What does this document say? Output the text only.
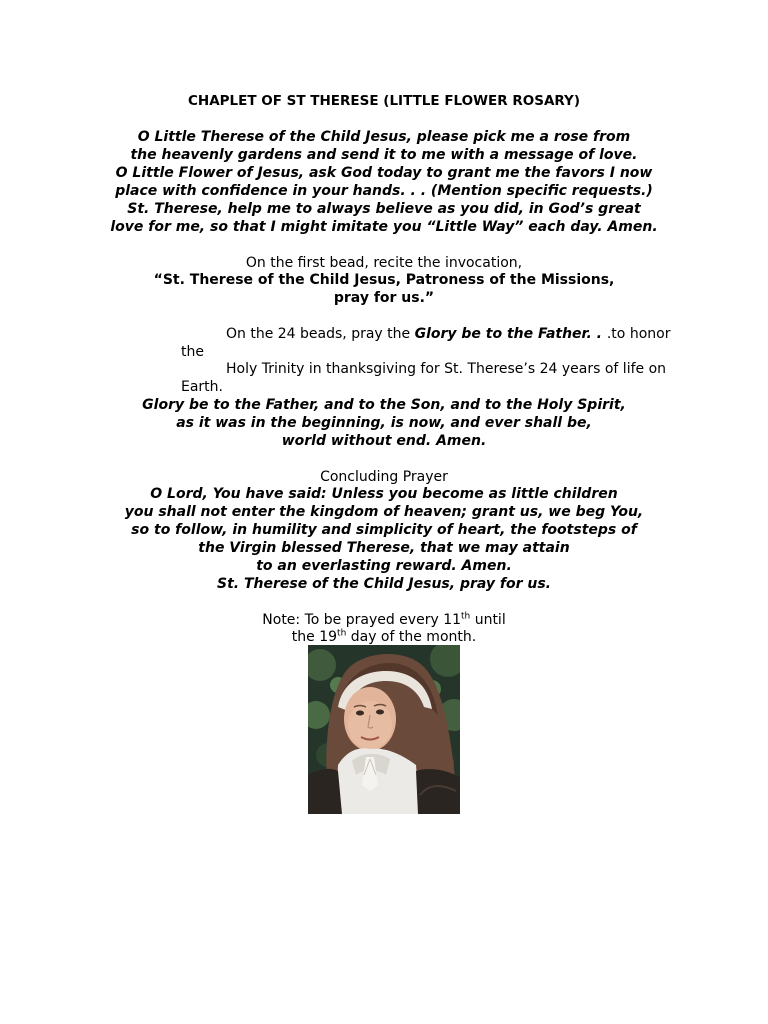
CHAPLET OF ST THERESE (LITTLE FLOWER ROSARY)
O Little Therese of the Child Jesus, please pick me a rose from
the heavenly gardens and send it to me with a message of love.
O Little Flower of Jesus, ask God today to grant me the favors I now
place with confidence in your hands. . . (Mention specific requests.)
St. Therese, help me to always believe as you did, in God’s great
love for me, so that I might imitate you “Little Way” each day. Amen.
On the first bead, recite the invocation,
“St. Therese of the Child Jesus, Patroness of the Missions,
pray for us.”
On the 24 beads, pray the Glory be to the Father. . .to honor
the
Holy Trinity in thanksgiving for St. Therese’s 24 years of life on
Earth.
Glory be to the Father, and to the Son, and to the Holy Spirit,
as it was in the beginning, is now, and ever shall be,
world without end. Amen.
Concluding Prayer
O Lord, You have said: Unless you become as little children
you shall not enter the kingdom of heaven; grant us, we beg You,
so to follow, in humility and simplicity of heart, the footsteps of
the Virgin blessed Therese, that we may attain
to an everlasting reward. Amen.
St. Therese of the Child Jesus, pray for us.
Note: To be prayed every 11th until
the 19th day of the month.
